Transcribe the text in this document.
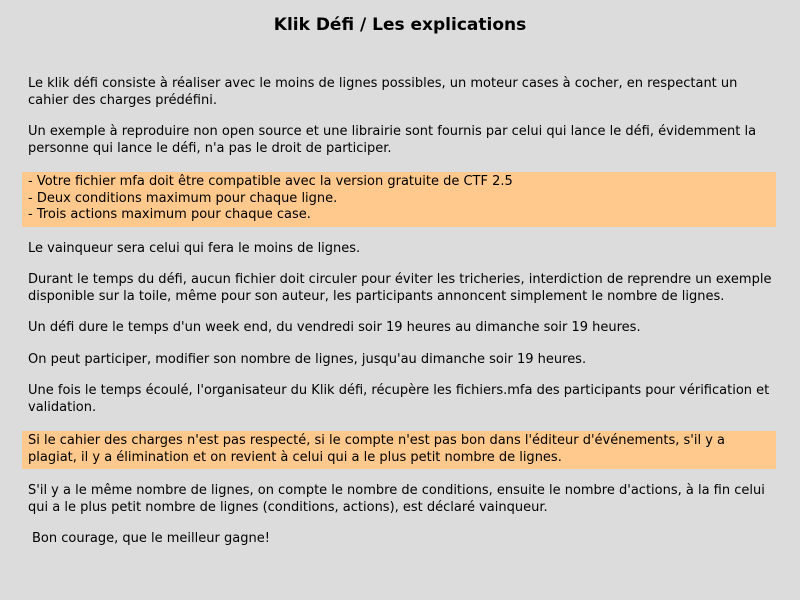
Klik Défi / Les explications

Le klik défi consiste à réaliser avec le moins de lignes possibles, un moteur cases à cocher, en respectant un cahier des charges prédéfini.

Un exemple à reproduire non open source et une librairie sont fournis par celui qui lance le défi, évidemment la personne qui lance le défi, n'a pas le droit de participer.

- Votre fichier mfa doit être compatible avec la version gratuite de CTF 2.5
- Deux conditions maximum pour chaque ligne.
- Trois actions maximum pour chaque case.

Le vainqueur sera celui qui fera le moins de lignes.

Durant le temps du défi, aucun fichier doit circuler pour éviter les tricheries, interdiction de reprendre un exemple disponible sur la toile, même pour son auteur, les participants annoncent simplement le nombre de lignes.

Un défi dure le temps d'un week end, du vendredi soir 19 heures au dimanche soir 19 heures.

On peut participer, modifier son nombre de lignes, jusqu'au dimanche soir 19 heures.

Une fois le temps écoulé, l'organisateur du Klik défi, récupère les fichiers.mfa des participants pour vérification et validation.

Si le cahier des charges n'est pas respecté, si le compte n'est pas bon dans l'éditeur d'événements, s'il y a plagiat, il y a élimination et on revient à celui qui a le plus petit nombre de lignes.

S'il y a le même nombre de lignes, on compte le nombre de conditions, ensuite le nombre d'actions, à la fin celui qui a le plus petit nombre de lignes (conditions, actions), est déclaré vainqueur.

Bon courage, que le meilleur gagne!
